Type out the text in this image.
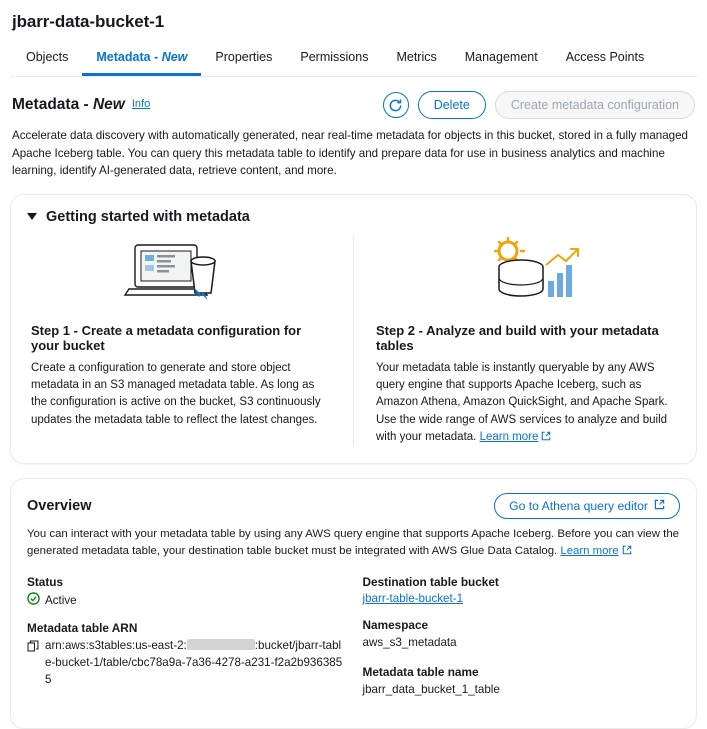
jbarr-data-bucket-1
Objects	Metadata - New	Properties	Permissions	Metrics	Management	Access Points
Metadata - New Info	Delete	Create metadata configuration
Accelerate data discovery with automatically generated, near real-time metadata for objects in this bucket, stored in a fully managed Apache Iceberg table. You can query this metadata table to identify and prepare data for use in business analytics and machine learning, identify AI-generated data, retrieve content, and more.
Getting started with metadata
Step 1 - Create a metadata configuration for your bucket

Create a configuration to generate and store object metadata in an S3 managed metadata table. As long as the configuration is active on the bucket, S3 continuously updates the metadata table to reflect the latest changes.

Step 2 - Analyze and build with your metadata tables

Your metadata table is instantly queryable by any AWS query engine that supports Apache Iceberg, such as Amazon Athena, Amazon QuickSight, and Apache Spark. Use the wide range of AWS services to analyze and build with your metadata. Learn more

Overview	Go to Athena query editor
You can interact with your metadata table by using any AWS query engine that supports Apache Iceberg. Before you can view the generated metadata table, your destination table bucket must be integrated with AWS Glue Data Catalog. Learn more
Status
Active
Metadata table ARN
arn:aws:s3tables:us-east-2:	:bucket/jbarr-table-bucket-1/table/cbc78a9a-7a36-4278-a231-f2a2b9363855
Destination table bucket
jbarr-table-bucket-1
Namespace
aws_s3_metadata
Metadata table name
jbarr_data_bucket_1_table
